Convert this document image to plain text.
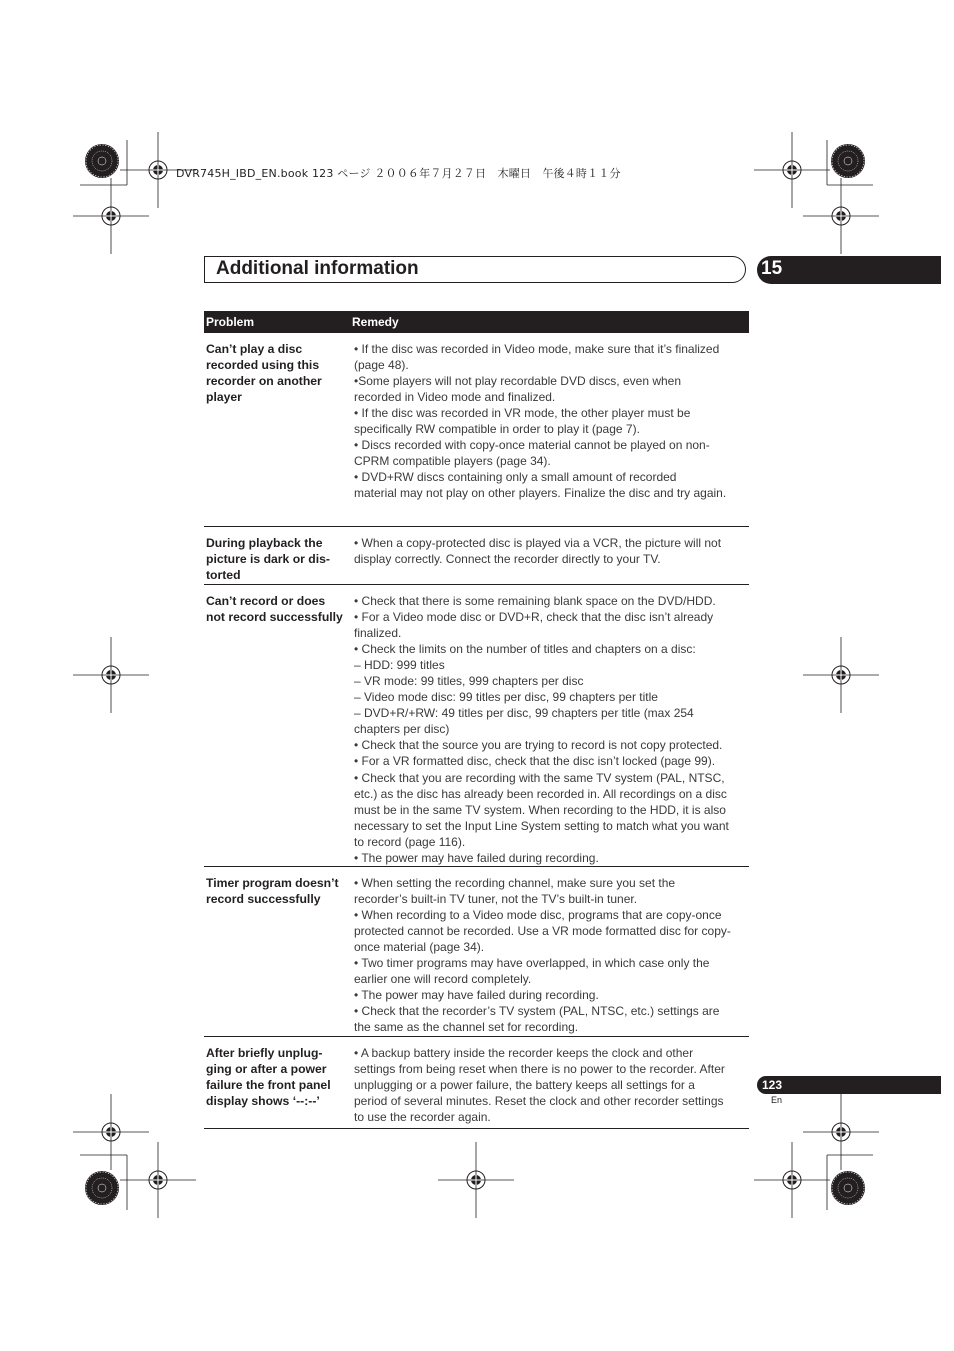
DVR745H_IBD_EN.book 123 ページ ２００６年７月２７日　木曜日　午後４時１１分
Additional information	15
Problem	Remedy
Can’t play a disc
recorded using this
recorder on another
player
• If the disc was recorded in Video mode, make sure that it’s finalized
(page 48).
•Some players will not play recordable DVD discs, even when
recorded in Video mode and finalized.
• If the disc was recorded in VR mode, the other player must be
specifically RW compatible in order to play it (page 7).
• Discs recorded with copy-once material cannot be played on non-
CPRM compatible players (page 34).
• DVD+RW discs containing only a small amount of recorded
material may not play on other players. Finalize the disc and try again.
During playback the
picture is dark or dis-
torted
• When a copy-protected disc is played via a VCR, the picture will not
display correctly. Connect the recorder directly to your TV.
Can’t record or does
not record successfully
• Check that there is some remaining blank space on the DVD/HDD.
• For a Video mode disc or DVD+R, check that the disc isn’t already
finalized.
• Check the limits on the number of titles and chapters on a disc:
– HDD: 999 titles
– VR mode: 99 titles, 999 chapters per disc
– Video mode disc: 99 titles per disc, 99 chapters per title
– DVD+R/+RW: 49 titles per disc, 99 chapters per title (max 254
chapters per disc)
• Check that the source you are trying to record is not copy protected.
• For a VR formatted disc, check that the disc isn’t locked (page 99).
• Check that you are recording with the same TV system (PAL, NTSC,
etc.) as the disc has already been recorded in. All recordings on a disc
must be in the same TV system. When recording to the HDD, it is also
necessary to set the Input Line System setting to match what you want
to record (page 116).
• The power may have failed during recording.
Timer program doesn’t
record successfully
• When setting the recording channel, make sure you set the
recorder’s built-in TV tuner, not the TV’s built-in tuner.
• When recording to a Video mode disc, programs that are copy-once
protected cannot be recorded. Use a VR mode formatted disc for copy-
once material (page 34).
• Two timer programs may have overlapped, in which case only the
earlier one will record completely.
• The power may have failed during recording.
• Check that the recorder’s TV system (PAL, NTSC, etc.) settings are
the same as the channel set for recording.
After briefly unplug-
ging or after a power
failure the front panel
display shows ‘--:--’
• A backup battery inside the recorder keeps the clock and other
settings from being reset when there is no power to the recorder. After
unplugging or a power failure, the battery keeps all settings for a
period of several minutes. Reset the clock and other recorder settings
to use the recorder again.
123
En
